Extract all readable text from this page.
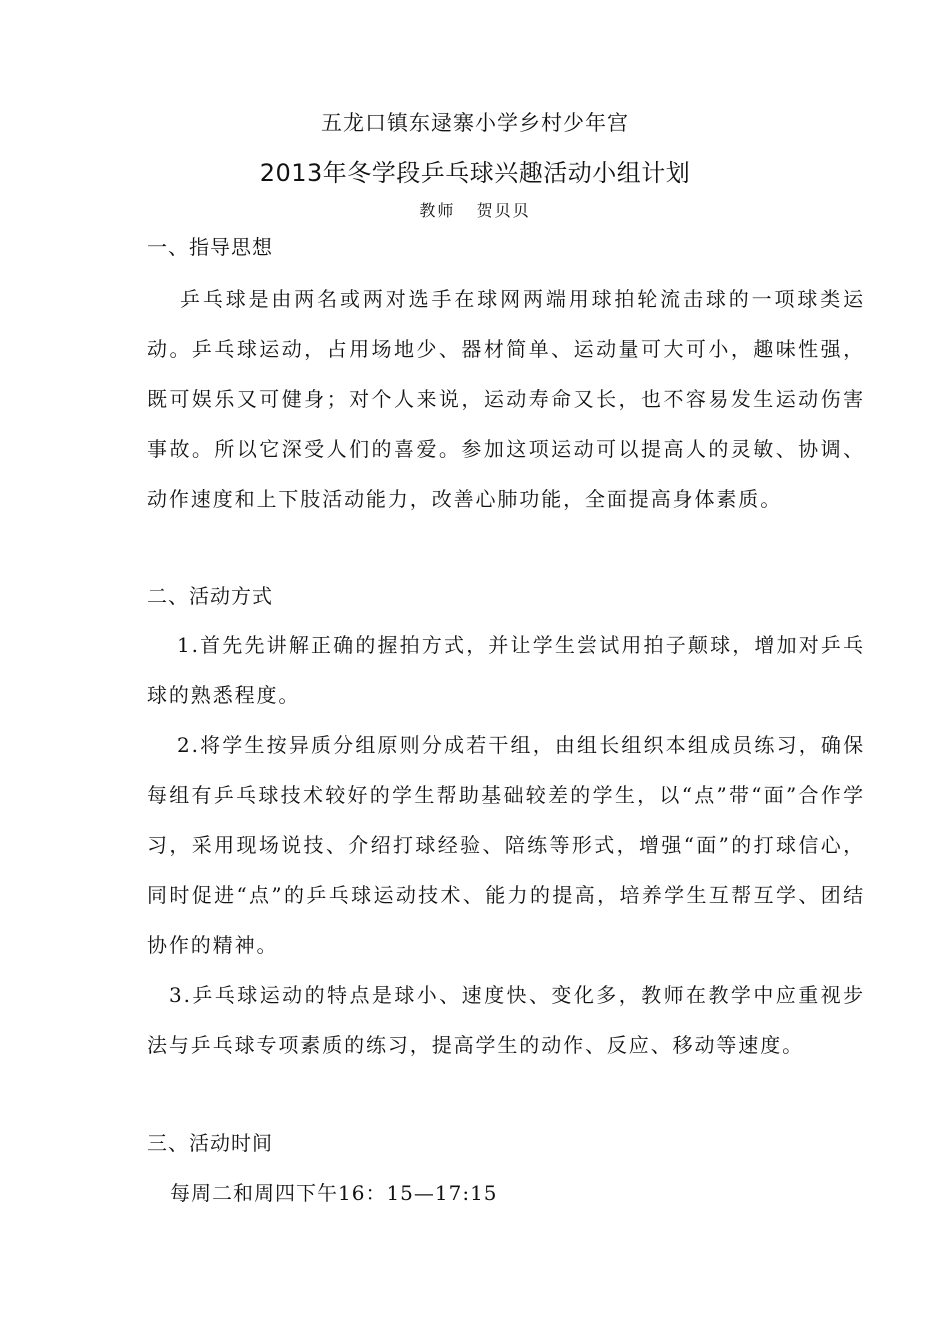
五龙口镇东逯寨小学乡村少年宫
2013年冬学段乒乓球兴趣活动小组计划
教师   贺贝贝
一、指导思想
乒乓球是由两名或两对选手在球网两端用球拍轮流击球的一项球类运动。乒乓球运动，占用场地少、器材简单、运动量可大可小，趣味性强，既可娱乐又可健身；对个人来说，运动寿命又长，也不容易发生运动伤害事故。所以它深受人们的喜爱。参加这项运动可以提高人的灵敏、协调、动作速度和上下肢活动能力，改善心肺功能，全面提高身体素质。
二、活动方式
1.首先先讲解正确的握拍方式，并让学生尝试用拍子颠球，增加对乒乓球的熟悉程度。
2.将学生按异质分组原则分成若干组，由组长组织本组成员练习，确保每组有乒乓球技术较好的学生帮助基础较差的学生，以“点”带“面”合作学习，采用现场说技、介绍打球经验、陪练等形式，增强“面”的打球信心，同时促进“点”的乒乓球运动技术、能力的提高，培养学生互帮互学、团结协作的精神。
3.乒乓球运动的特点是球小、速度快、变化多，教师在教学中应重视步法与乒乓球专项素质的练习，提高学生的动作、反应、移动等速度。
三、活动时间
每周二和周四下午16：15—17:15
